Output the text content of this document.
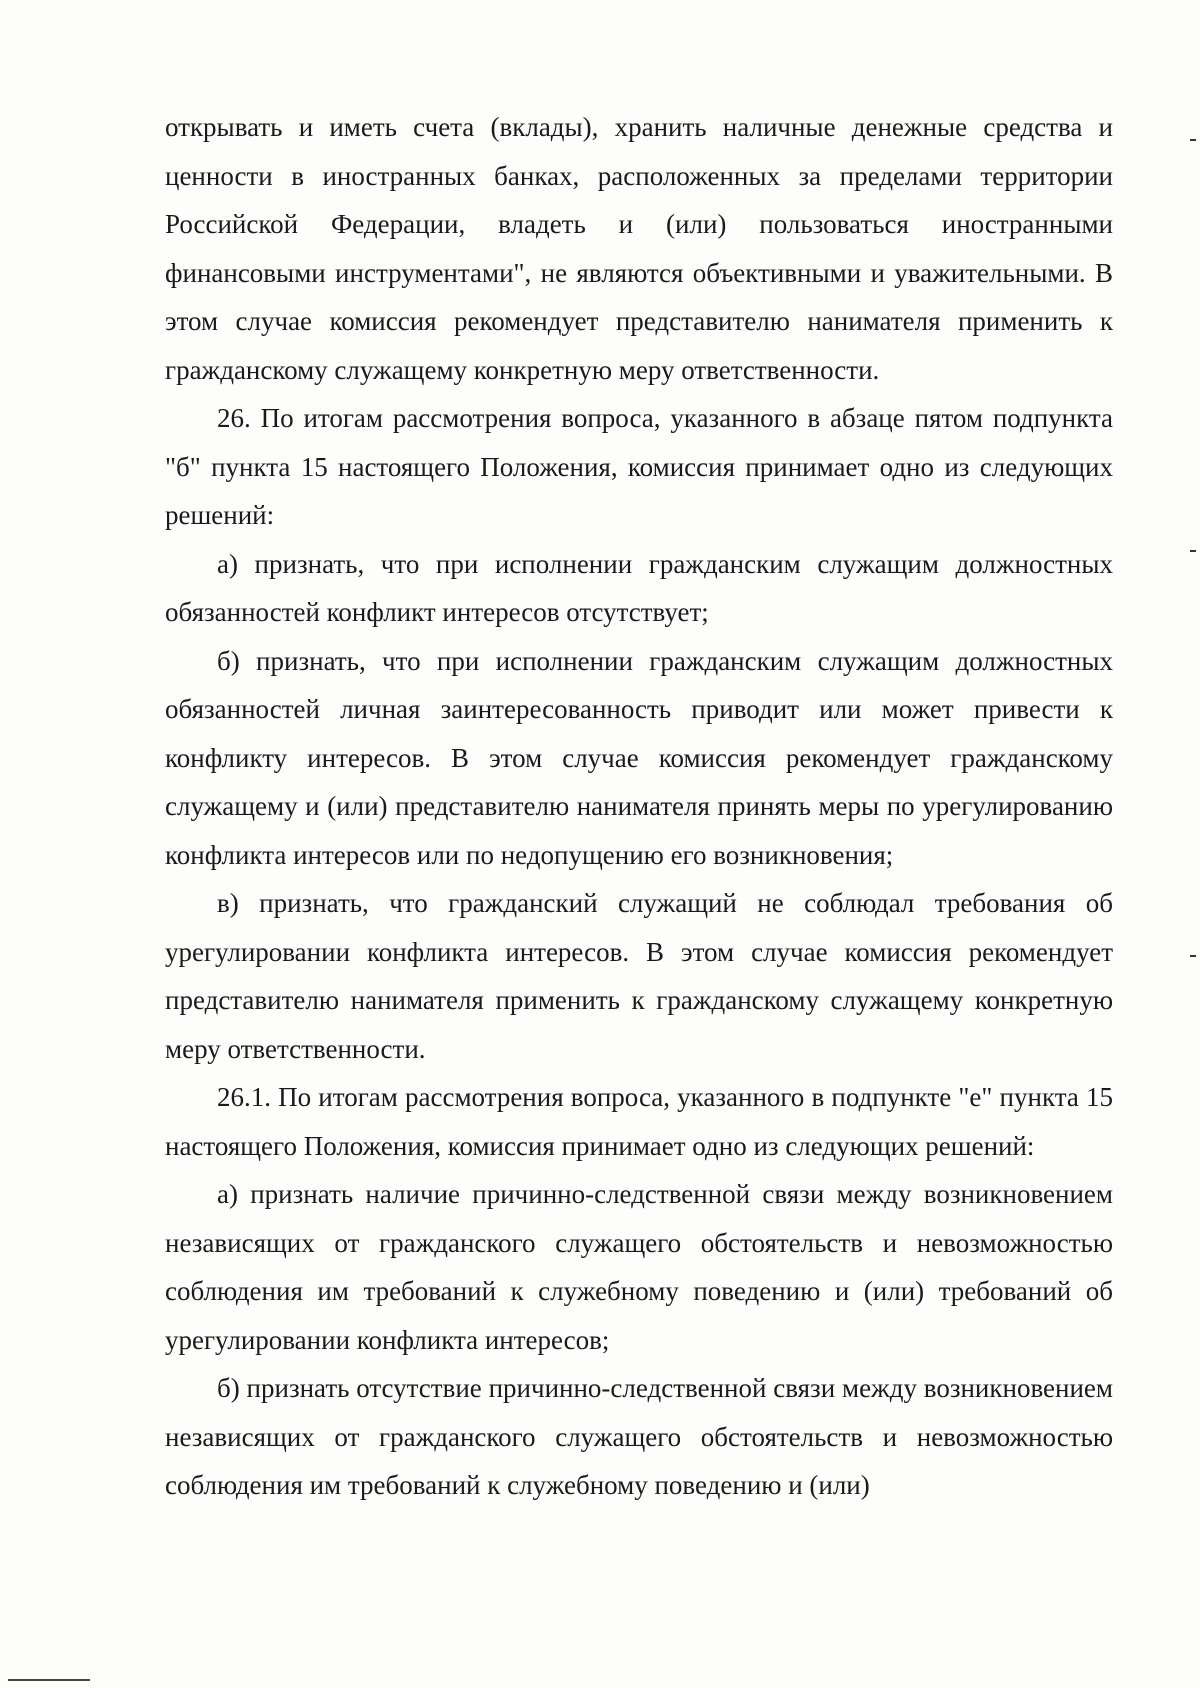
открывать и иметь счета (вклады), хранить наличные денежные средства и ценности в иностранных банках, расположенных за пределами территории Российской Федерации, владеть и (или) пользоваться иностранными финансовыми инструментами", не являются объективными и уважительными. В этом случае комиссия рекомендует представителю нанимателя применить к гражданскому служащему конкретную меру ответственности.

26. По итогам рассмотрения вопроса, указанного в абзаце пятом подпункта "б" пункта 15 настоящего Положения, комиссия принимает одно из следующих решений:

а) признать, что при исполнении гражданским служащим должностных обязанностей конфликт интересов отсутствует;

б) признать, что при исполнении гражданским служащим должностных обязанностей личная заинтересованность приводит или может привести к конфликту интересов. В этом случае комиссия рекомендует гражданскому служащему и (или) представителю нанимателя принять меры по урегулированию конфликта интересов или по недопущению его возникновения;

в) признать, что гражданский служащий не соблюдал требования об урегулировании конфликта интересов. В этом случае комиссия рекомендует представителю нанимателя применить к гражданскому служащему конкретную меру ответственности.

26.1. По итогам рассмотрения вопроса, указанного в подпункте "е" пункта 15 настоящего Положения, комиссия принимает одно из следующих решений:

а) признать наличие причинно-следственной связи между возникновением независящих от гражданского служащего обстоятельств и невозможностью соблюдения им требований к служебному поведению и (или) требований об урегулировании конфликта интересов;

б) признать отсутствие причинно-следственной связи между возникновением независящих от гражданского служащего обстоятельств и невозможностью соблюдения им требований к служебному поведению и (или)
